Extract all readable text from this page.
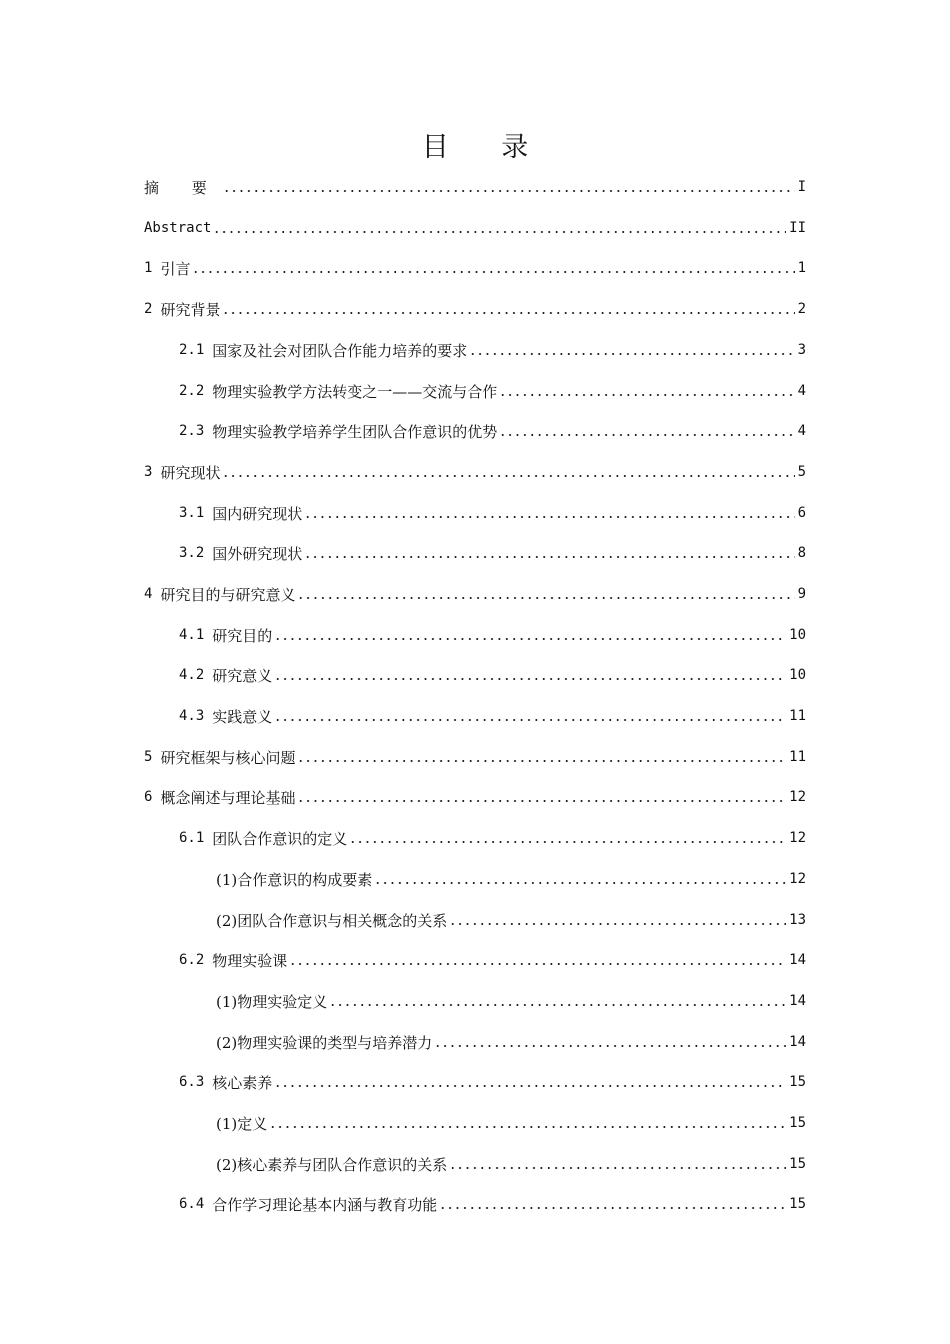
目 录
摘 要	I
Abstract	II
1 引言	1
2 研究背景	2
2.1 国家及社会对团队合作能力培养的要求	3
2.2 物理实验教学方法转变之一——交流与合作	4
2.3 物理实验教学培养学生团队合作意识的优势	4
3 研究现状	5
3.1 国内研究现状	6
3.2 国外研究现状	8
4 研究目的与研究意义	9
4.1 研究目的	10
4.2 研究意义	10
4.3 实践意义	11
5 研究框架与核心问题	11
6 概念阐述与理论基础	12
6.1 团队合作意识的定义	12
(1)合作意识的构成要素	12
(2)团队合作意识与相关概念的关系	13
6.2 物理实验课	14
(1)物理实验定义	14
(2)物理实验课的类型与培养潜力	14
6.3 核心素养	15
(1)定义	15
(2)核心素养与团队合作意识的关系	15
6.4 合作学习理论基本内涵与教育功能	15
